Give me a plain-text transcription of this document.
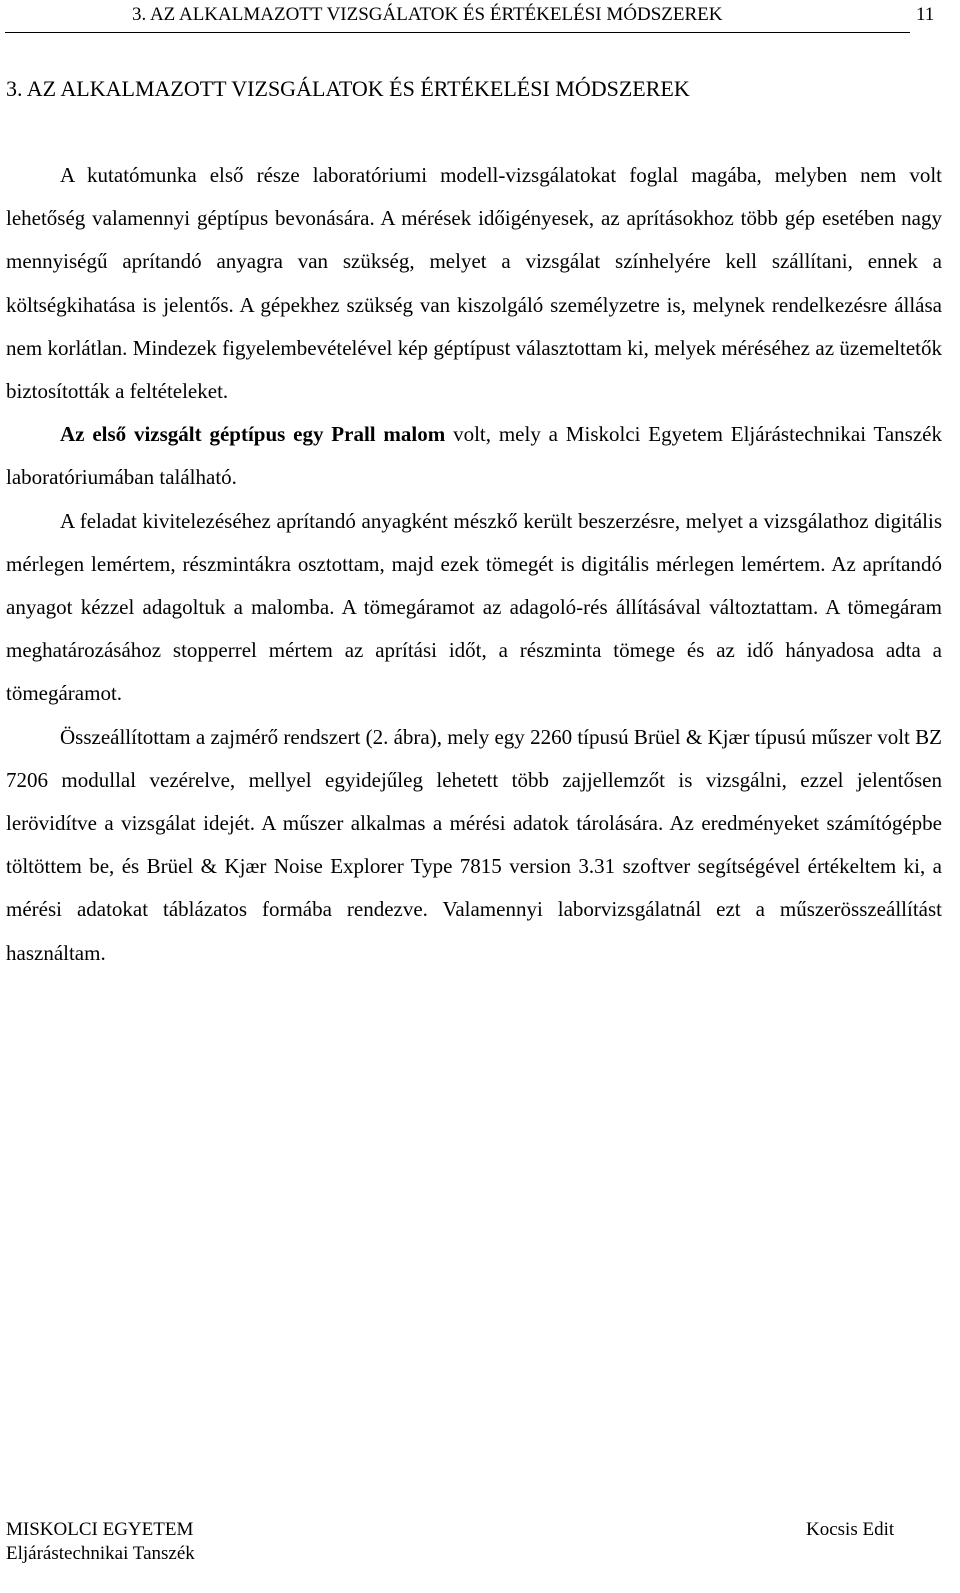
3. AZ ALKALMAZOTT VIZSGÁLATOK ÉS ÉRTÉKELÉSI MÓDSZEREK	11
3. AZ ALKALMAZOTT VIZSGÁLATOK ÉS ÉRTÉKELÉSI MÓDSZEREK

A kutatómunka első része laboratóriumi modell-vizsgálatokat foglal magába, melyben nem volt lehetőség valamennyi géptípus bevonására. A mérések időigényesek, az aprításokhoz több gép esetében nagy mennyiségű aprítandó anyagra van szükség, melyet a vizsgálat színhelyére kell szállítani, ennek a költségkihatása is jelentős. A gépekhez szükség van kiszolgáló személyzetre is, melynek rendelkezésre állása nem korlátlan. Mindezek figyelembevételével kép géptípust választottam ki, melyek méréséhez az üzemeltetők biztosították a feltételeket.

Az első vizsgált géptípus egy Prall malom volt, mely a Miskolci Egyetem Eljárástechnikai Tanszék laboratóriumában található.

A feladat kivitelezéséhez aprítandó anyagként mészkő került beszerzésre, melyet a vizsgálathoz digitális mérlegen lemértem, részmintákra osztottam, majd ezek tömegét is digitális mérlegen lemértem. Az aprítandó anyagot kézzel adagoltuk a malomba. A tömegáramot az adagoló-rés állításával változtattam. A tömegáram meghatározásához stopperrel mértem az aprítási időt, a részminta tömege és az idő hányadosa adta a tömegáramot.

Összeállítottam a zajmérő rendszert (2. ábra), mely egy 2260 típusú Brüel & Kjær típusú műszer volt BZ 7206 modullal vezérelve, mellyel egyidejűleg lehetett több zajjellemzőt is vizsgálni, ezzel jelentősen lerövidítve a vizsgálat idejét. A műszer alkalmas a mérési adatok tárolására. Az eredményeket számítógépbe töltöttem be, és Brüel & Kjær Noise Explorer Type 7815 version 3.31 szoftver segítségével értékeltem ki, a mérési adatokat táblázatos formába rendezve. Valamennyi laborvizsgálatnál ezt a műszerösszeállítást használtam.

MISKOLCI EGYETEM
Eljárástechnikai Tanszék
Kocsis Edit
